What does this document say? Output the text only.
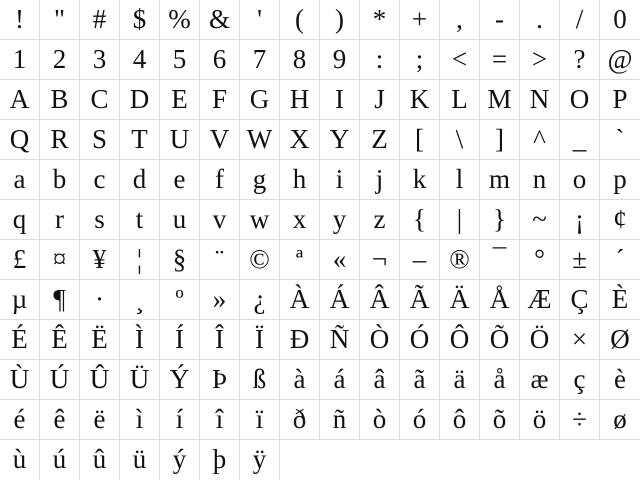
!	"	# $ % &	'	(	)	* +	,	-	.	/	0
1 2 3 4 5 6 7 8 9	:	;	< = > ? @
A B C D E F G H I	J K L M N O P
Q R S T U V W X Y Z	[	\	]	^ _	`
a	b	c	d	e	f	g h	i	j	k	l m n o	p
q	r	s	t	u v w x y	z	{	|	} ~	¡	¢
£ ¤ ¥	¦	§	¨ © ª	« ¬ – ® ¯	°	±	´
µ ¶	·	¸	º	»	¿ À Á Â Ã Ä Å Æ Ç È
É Ê Ë	Ì	Í	Î	Ï Ð Ñ Ò Ó Ô Õ Ö × Ø
Ù Ú Û Ü Ý Þ ß	à	á	â	ã	ä	å æ ç	è
é	ê	ë	ì	í	î	ï	ð ñ ò ó ô õ ö ÷ ø
ù ú û ü ý þ ÿ
